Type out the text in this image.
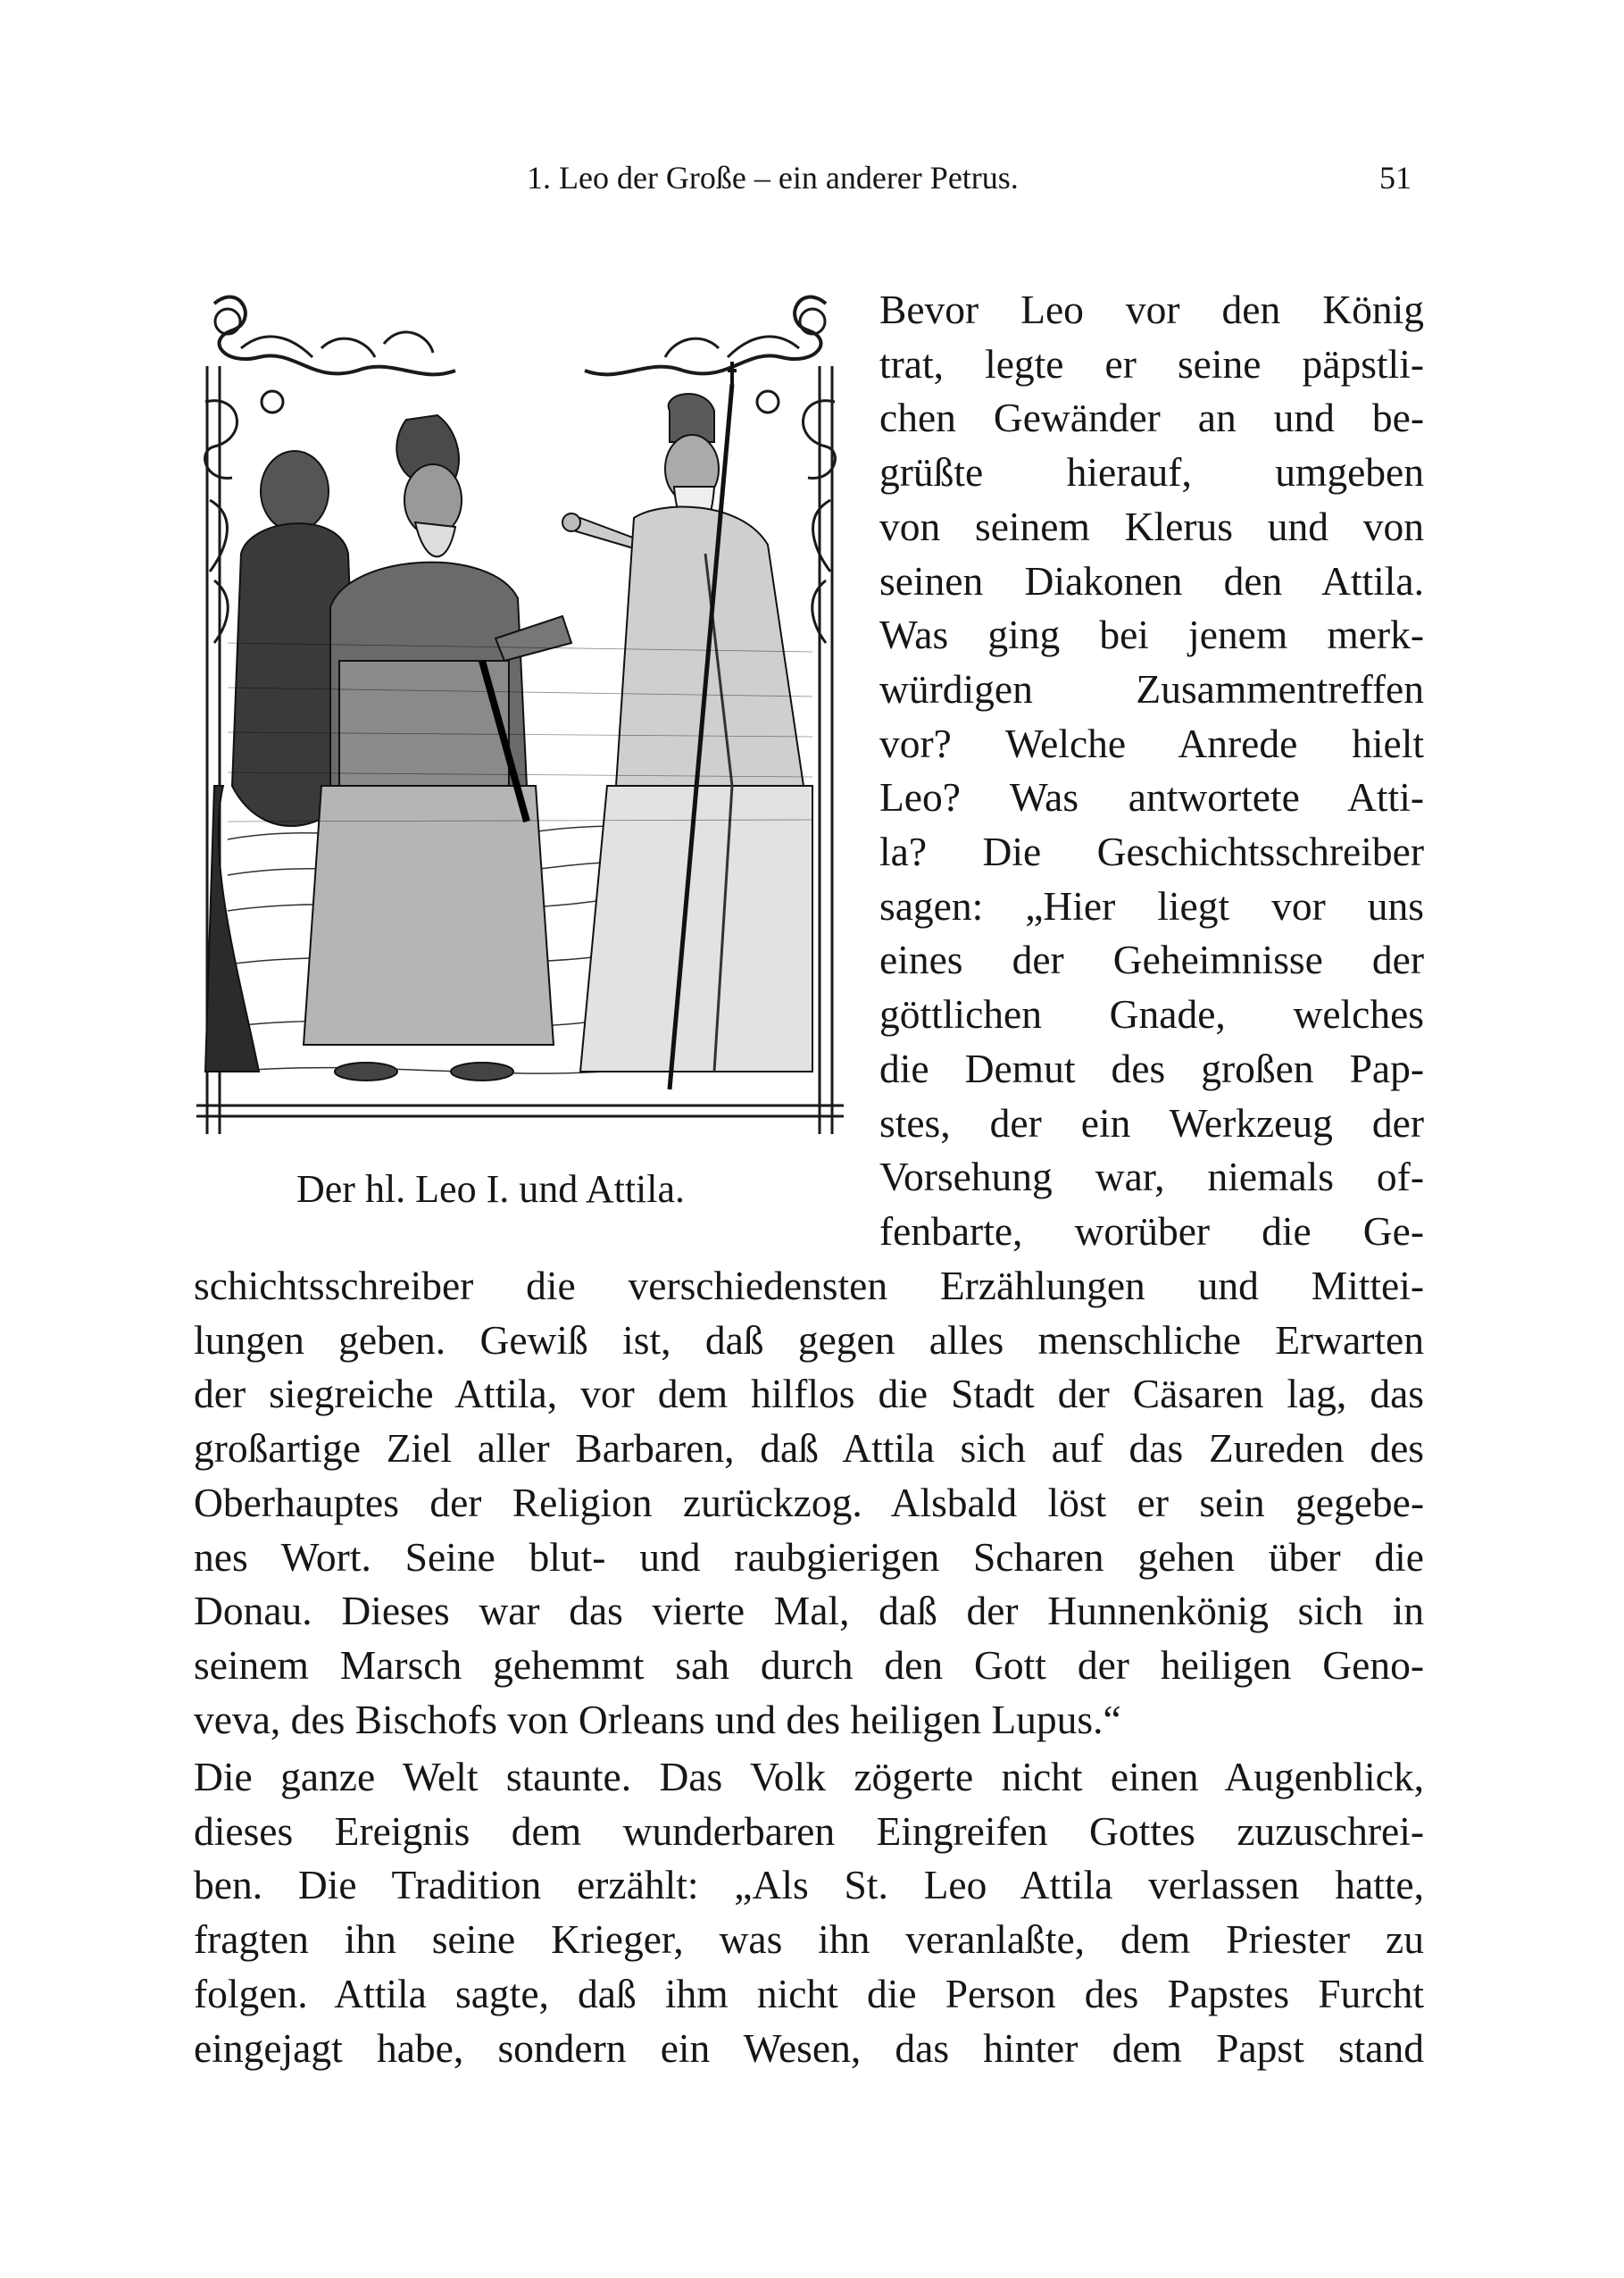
1. Leo der Große – ein anderer Petrus.	51
Der hl. Leo I. und Attila.
Bevor Leo vor den König
trat, legte er seine päpstli-
chen Gewänder an und be-
grüßte hierauf, umgeben
von seinem Klerus und von
seinen Diakonen den Attila.
Was ging bei jenem merk-
würdigen Zusammentreffen
vor? Welche Anrede hielt
Leo? Was antwortete Atti-
la? Die Geschichtsschreiber
sagen: „Hier liegt vor uns
eines der Geheimnisse der
göttlichen Gnade, welches
die Demut des großen Pap-
stes, der ein Werkzeug der
Vorsehung war, niemals of-
fenbarte, worüber die Ge-
schichtsschreiber die verschiedensten Erzählungen und Mittei-
lungen geben. Gewiß ist, daß gegen alles menschliche Erwarten
der siegreiche Attila, vor dem hilflos die Stadt der Cäsaren lag, das
großartige Ziel aller Barbaren, daß Attila sich auf das Zureden des
Oberhauptes der Religion zurückzog. Alsbald löst er sein gegebe-
nes Wort. Seine blut- und raubgierigen Scharen gehen über die
Donau. Dieses war das vierte Mal, daß der Hunnenkönig sich in
seinem Marsch gehemmt sah durch den Gott der heiligen Geno-
veva, des Bischofs von Orleans und des heiligen Lupus.“
Die ganze Welt staunte. Das Volk zögerte nicht einen Augenblick,
dieses Ereignis dem wunderbaren Eingreifen Gottes zuzuschrei-
ben. Die Tradition erzählt: „Als St. Leo Attila verlassen hatte,
fragten ihn seine Krieger, was ihn veranlaßte, dem Priester zu
folgen. Attila sagte, daß ihm nicht die Person des Papstes Furcht
eingejagt habe, sondern ein Wesen, das hinter dem Papst stand
